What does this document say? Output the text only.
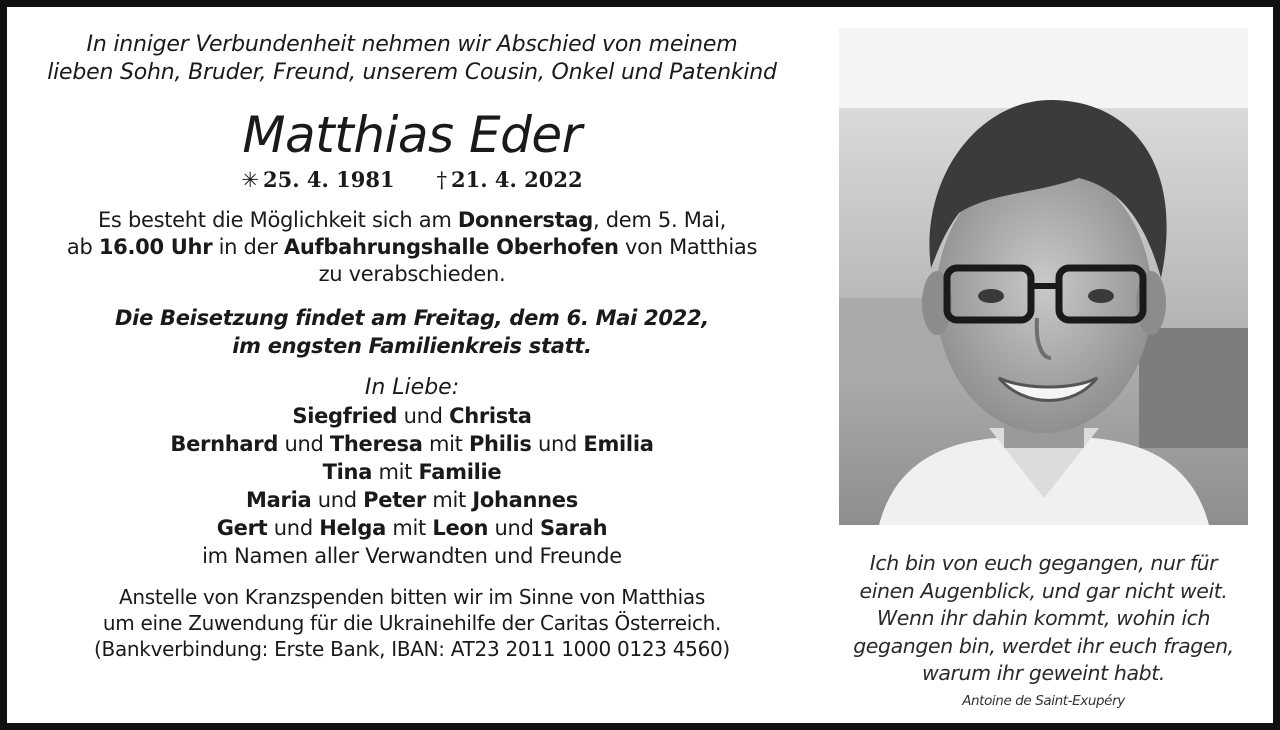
In inniger Verbundenheit nehmen wir Abschied von meinem
lieben Sohn, Bruder, Freund, unserem Cousin, Onkel und Patenkind
Matthias Eder
✳ 25. 4. 1981 † 21. 4. 2022
Es besteht die Möglichkeit sich am Donnerstag, dem 5. Mai,
ab 16.00 Uhr in der Aufbahrungshalle Oberhofen von Matthias
zu verabschieden.
Die Beisetzung findet am Freitag, dem 6. Mai 2022,
im engsten Familienkreis statt.
In Liebe:
Siegfried und Christa
Bernhard und Theresa mit Philis und Emilia
Tina mit Familie
Maria und Peter mit Johannes
Gert und Helga mit Leon und Sarah
im Namen aller Verwandten und Freunde
Anstelle von Kranzspenden bitten wir im Sinne von Matthias
um eine Zuwendung für die Ukrainehilfe der Caritas Österreich.
(Bankverbindung: Erste Bank, IBAN: AT23 2011 1000 0123 4560)
Ich bin von euch gegangen, nur für
einen Augenblick, und gar nicht weit.
Wenn ihr dahin kommt, wohin ich
gegangen bin, werdet ihr euch fragen,
warum ihr geweint habt.
Antoine de Saint-Exupéry
